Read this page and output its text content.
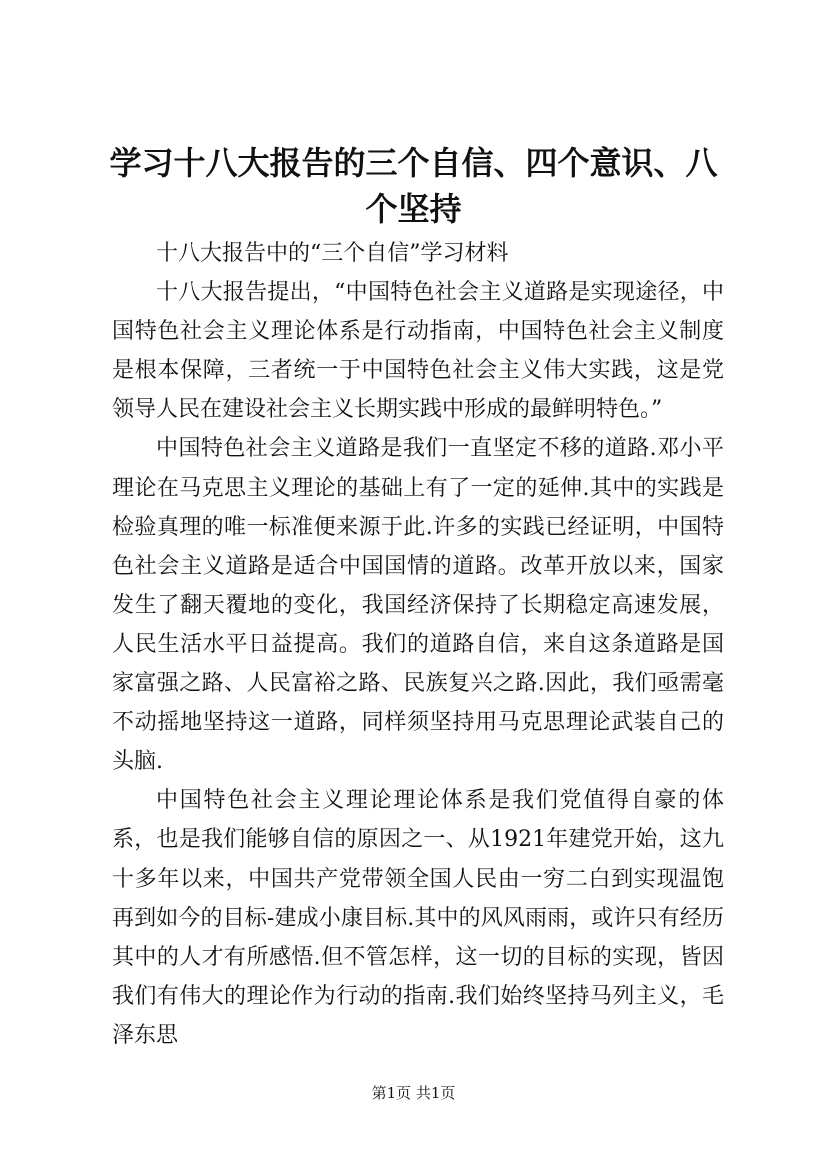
学习十八大报告的三个自信、四个意识、八个坚持

十八大报告中的“三个自信”学习材料

十八大报告提出，“中国特色社会主义道路是实现途径，中国特色社会主义理论体系是行动指南，中国特色社会主义制度是根本保障，三者统一于中国特色社会主义伟大实践，这是党领导人民在建设社会主义长期实践中形成的最鲜明特色。”

中国特色社会主义道路是我们一直坚定不移的道路.邓小平理论在马克思主义理论的基础上有了一定的延伸.其中的实践是检验真理的唯一标准便来源于此.许多的实践已经证明，中国特色社会主义道路是适合中国国情的道路。改革开放以来，国家发生了翻天覆地的变化，我国经济保持了长期稳定高速发展，人民生活水平日益提高。我们的道路自信，来自这条道路是国家富强之路、人民富裕之路、民族复兴之路.因此，我们亟需毫不动摇地坚持这一道路，同样须坚持用马克思理论武装自己的头脑.

中国特色社会主义理论理论体系是我们党值得自豪的体系，也是我们能够自信的原因之一、从1921年建党开始，这九十多年以来，中国共产党带领全国人民由一穷二白到实现温饱再到如今的目标-建成小康目标.其中的风风雨雨，或许只有经历其中的人才有所感悟.但不管怎样，这一切的目标的实现，皆因我们有伟大的理论作为行动的指南.我们始终坚持马列主义，毛泽东思

第1页 共1页
